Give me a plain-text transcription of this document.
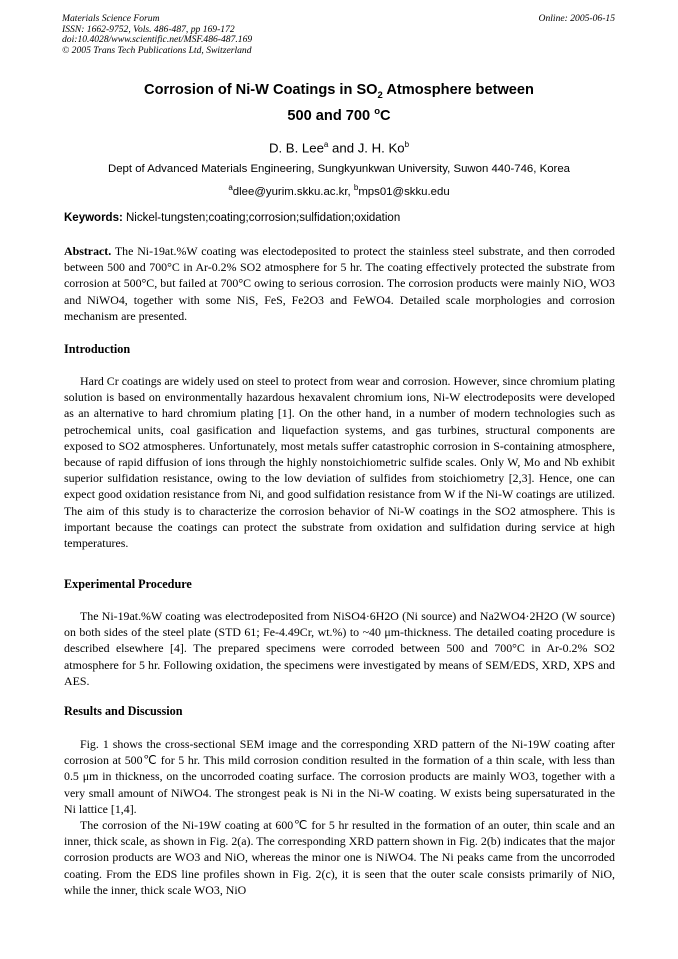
Materials Science Forum
ISSN: 1662-9752, Vols. 486-487, pp 169-172
doi:10.4028/www.scientific.net/MSF.486-487.169
© 2005 Trans Tech Publications Ltd, Switzerland
Online: 2005-06-15
Corrosion of Ni-W Coatings in $SO_2$ Atmosphere between
500 and 700 $^o$C
D. B. Lee$^a$ and J. H. Ko$^b$
Dept of Advanced Materials Engineering, Sungkyunkwan University, Suwon 440-746, Korea
$^a$dlee@yurim.skku.ac.kr, $^b$mps01@skku.edu
Keywords: Nickel-tungsten;coating;corrosion;sulfidation;oxidation
Abstract. The Ni-19at.%W coating was electodeposited to protect the stainless steel substrate, and then corroded between 500 and 700°C in Ar-0.2% SO2 atmosphere for 5 hr. The coating effectively protected the substrate from corrosion at 500°C, but failed at 700°C owing to serious corrosion. The corrosion products were mainly NiO, WO3 and NiWO4, together with some NiS, FeS, Fe2O3 and FeWO4. Detailed scale morphologies and corrosion mechanism are presented.
Introduction
Hard Cr coatings are widely used on steel to protect from wear and corrosion. However, since chromium plating solution is based on environmentally hazardous hexavalent chromium ions, Ni-W electrodeposits were developed as an alternative to hard chromium plating [1]. On the other hand, in a number of modern technologies such as petrochemical units, coal gasification and liquefaction systems, and gas turbines, structural components are exposed to SO2 atmospheres. Unfortunately, most metals suffer catastrophic corrosion in S-containing atmosphere, because of rapid diffusion of ions through the highly nonstoichiometric sulfide scales. Only W, Mo and Nb exhibit superior sulfidation resistance, owing to the low deviation of sulfides from stoichiometry [2,3]. Hence, one can expect good oxidation resistance from Ni, and good sulfidation resistance from W if the Ni-W coatings are utilized. The aim of this study is to characterize the corrosion behavior of Ni-W coatings in the SO2 atmosphere. This is important because the coatings can protect the substrate from oxidation and sulfidation during service at high temperatures.
Experimental Procedure
The Ni-19at.%W coating was electrodeposited from NiSO4·6H2O (Ni source) and Na2WO4·2H2O (W source) on both sides of the steel plate (STD 61; Fe-4.49Cr, wt.%) to ~40 μm-thickness. The detailed coating procedure is described elsewhere [4]. The prepared specimens were corroded between 500 and 700°C in Ar-0.2% SO2 atmosphere for 5 hr. Following oxidation, the specimens were investigated by means of SEM/EDS, XRD, XPS and AES.
Results and Discussion

Fig. 1 shows the cross-sectional SEM image and the corresponding XRD pattern of the Ni-19W coating after corrosion at 500℃ for 5 hr. This mild corrosion condition resulted in the formation of a thin scale, with less than 0.5 μm in thickness, on the uncorroded coating surface. The corrosion products are mainly WO3, together with a very small amount of NiWO4. The strongest peak is Ni in the Ni-W coating. W exists being supersaturated in the Ni lattice [1,4].

The corrosion of the Ni-19W coating at 600℃ for 5 hr resulted in the formation of an outer, thin scale and an inner, thick scale, as shown in Fig. 2(a). The corresponding XRD pattern shown in Fig. 2(b) indicates that the major corrosion products are WO3 and NiO, whereas the minor one is NiWO4. The Ni peaks came from the uncorroded coating. From the EDS line profiles shown in Fig. 2(c), it is seen that the outer scale consists primarily of NiO, while the inner, thick scale WO3, NiO
